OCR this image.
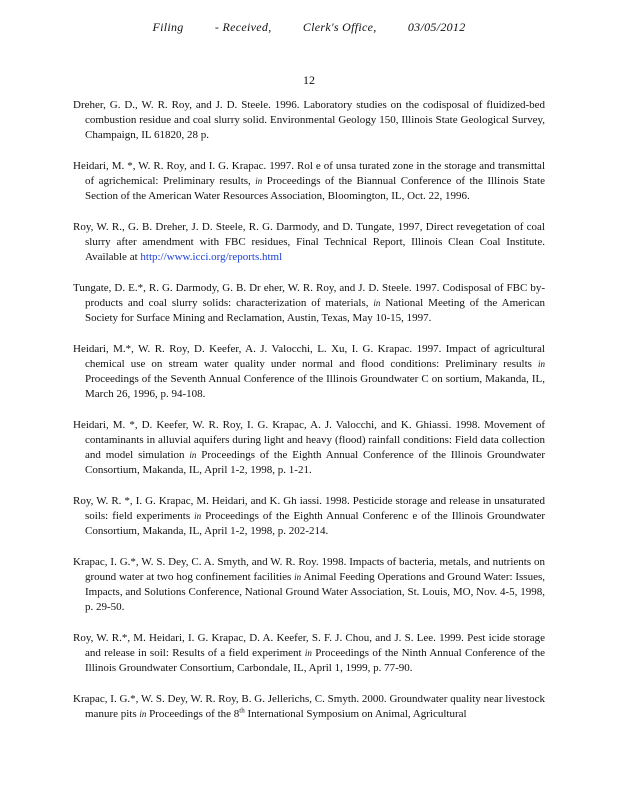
Filing	- Received,	Clerk's Office,	03/05/2012
12

Dreher, G. D., W. R. Roy, and J. D. Steele. 1996. Laboratory studies on the codisposal of fluidized-bed combustion residue and coal slurry solid. Environmental Geology 150, Illinois State Geological Survey, Champaign, IL 61820, 28 p.

Heidari, M. *, W. R. Roy, and I. G. Krapac. 1997. Rol e of unsa turated zone in the storage and transmittal of agrichemical: Preliminary results, in Proceedings of the Biannual Conference of the Illinois State Section of the American Water Resources Association, Bloomington, IL, Oct. 22, 1996.

Roy, W. R., G. B. Dreher, J. D. Steele, R. G. Darmody, and D. Tungate, 1997, Direct revegetation of coal slurry after amendment with FBC residues, Final Technical Report, Illinois Clean Coal Institute. Available at http://www.icci.org/reports.html

Tungate, D. E.*, R. G. Darmody, G. B. Dr eher, W. R. Roy, and J. D. Steele. 1997. Codisposal of FBC by-products and coal slurry solids: characterization of materials, in National Meeting of the American Society for Surface Mining and Reclamation, Austin, Texas, May 10-15, 1997.

Heidari, M.*, W. R. Roy, D. Keefer, A. J. Valocchi, L. Xu, I. G. Krapac. 1997. Impact of agricultural chemical use on stream water quality under normal and flood conditions: Preliminary results in Proceedings of the Seventh Annual Conference of the Illinois Groundwater C on sortium, Makanda, IL, March 26, 1996, p. 94-108.

Heidari, M. *, D. Keefer, W. R. Roy, I. G. Krapac, A. J. Valocchi, and K. Ghiassi. 1998. Movement of contaminants in alluvial aquifers during light and heavy (flood) rainfall conditions: Field data collection and model simulation in Proceedings of the Eighth Annual Conference of the Illinois Groundwater Consortium, Makanda, IL, April 1-2, 1998, p. 1-21.

Roy, W. R. *, I. G. Krapac, M. Heidari, and K. Gh iassi. 1998. Pesticide storage and release in unsaturated soils: field experiments in Proceedings of the Eighth Annual Conferenc e of the Illinois Groundwater Consortium, Makanda, IL, April 1-2, 1998, p. 202-214.

Krapac, I. G.*, W. S. Dey, C. A. Smyth, and W. R. Roy. 1998. Impacts of bacteria, metals, and nutrients on ground water at two hog confinement facilities in Animal Feeding Operations and Ground Water: Issues, Impacts, and Solutions Conference, National Ground Water Association, St. Louis, MO, Nov. 4-5, 1998, p. 29-50.

Roy, W. R.*, M. Heidari, I. G. Krapac, D. A. Keefer, S. F. J. Chou, and J. S. Lee. 1999. Pest icide storage and release in soil: Results of a field experiment in Proceedings of the Ninth Annual Conference of the Illinois Groundwater Consortium, Carbondale, IL, April 1, 1999, p. 77-90.

Krapac, I. G.*, W. S. Dey, W. R. Roy, B. G. Jellerichs, C. Smyth. 2000. Groundwater quality near livestock manure pits in Proceedings of the 8th International Symposium on Animal, Agricultural
